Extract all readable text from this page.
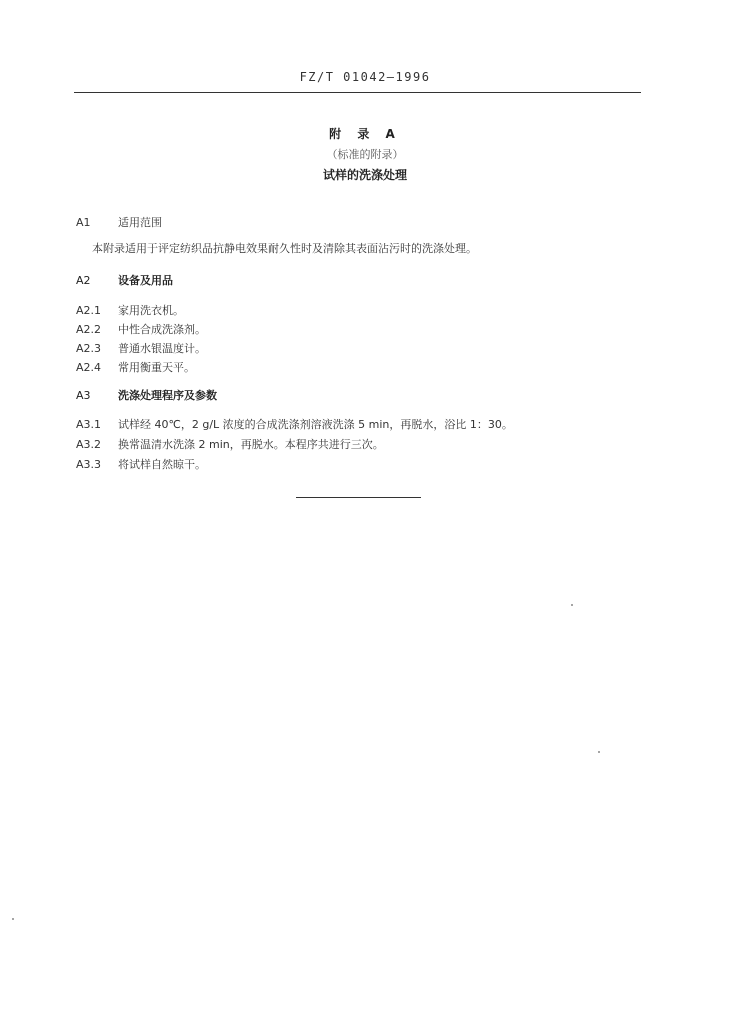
FZ/T 01042—1996
附 录 A
（标准的附录）
试样的洗涤处理
A1 适用范围
本附录适用于评定纺织品抗静电效果耐久性时及清除其表面沾污时的洗涤处理。
A2 设备及用品
A2.1 家用洗衣机。
A2.2 中性合成洗涤剂。
A2.3 普通水银温度计。
A2.4 常用衡重天平。
A3 洗涤处理程序及参数
A3.1 试样经 40℃，2 g/L 浓度的合成洗涤剂溶液洗涤 5 min，再脱水，浴比 1：30。
A3.2 换常温清水洗涤 2 min，再脱水。本程序共进行三次。
A3.3 将试样自然晾干。
